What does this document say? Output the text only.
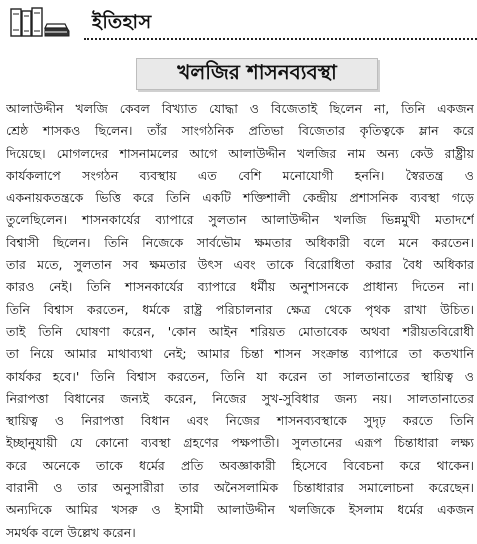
ইতিহাস
খলজির শাসনব্যবস্থা
আলাউদ্দীন খলজি কেবল বিখ্যাত যোদ্ধা ও বিজেতাই ছিলেন না, তিনি একজন
শ্রেষ্ঠ শাসকও ছিলেন। তাঁর সাংগঠনিক প্রতিভা বিজেতার কৃতিত্বকে ম্লান করে
দিয়েছে। মোগলদের শাসনামলের আগে আলাউদ্দীন খলজির নাম অন্য কেউ রাষ্ট্রীয়
কার্যকলাপে সংগঠন ব্যবস্থায় এত বেশি মনোযোগী হননি। স্বৈরতন্ত্র ও
একনায়কতন্ত্রকে ভিত্তি করে তিনি একটি শক্তিশালী কেন্দ্রীয় প্রশাসনিক ব্যবস্থা গড়ে
তুলেছিলেন। শাসনকার্যের ব্যাপারে সুলতান আলাউদ্দীন খলজি ভিন্নমুখী মতাদর্শে
বিশ্বাসী ছিলেন। তিনি নিজেকে সার্বভৌম ক্ষমতার অধিকারী বলে মনে করতেন।
তার মতে, সুলতান সব ক্ষমতার উৎস এবং তাকে বিরোধিতা করার বৈধ অধিকার
কারও নেই। তিনি শাসনকার্যের ব্যাপারে ধর্মীয় অনুশাসনকে প্রাধান্য দিতেন না।
তিনি বিশ্বাস করতেন, ধর্মকে রাষ্ট্র পরিচালনার ক্ষেত্র থেকে পৃথক রাখা উচিত।
তাই তিনি ঘোষণা করেন, 'কোন আইন শরিয়ত মোতাবেক অথবা শরীয়তবিরোধী
তা নিয়ে আমার মাথাব্যথা নেই; আমার চিন্তা শাসন সংক্রান্ত ব্যাপারে তা কতখানি
কার্যকর হবে।' তিনি বিশ্বাস করতেন, তিনি যা করেন তা সালতানাতের স্থায়িত্ব ও
নিরাপত্তা বিধানের জন্যই করেন, নিজের সুখ-সুবিধার জন্য নয়। সালতানাতের
স্থায়িত্ব ও নিরাপত্তা বিধান এবং নিজের শাসনব্যবস্থাকে সুদৃঢ় করতে তিনি
ইচ্ছানুযায়ী যে কোনো ব্যবস্থা গ্রহণের পক্ষপাতী। সুলতানের এরূপ চিন্তাধারা লক্ষ্য
করে অনেকে তাকে ধর্মের প্রতি অবজ্ঞাকারী হিসেবে বিবেচনা করে থাকেন।
বারানী ও তার অনুসারীরা তার অনৈসলামিক চিন্তাধারার সমালোচনা করেছেন।
অন্যদিকে আমির খসরু ও ইসামী আলাউদ্দীন খলজিকে ইসলাম ধর্মের একজন
সমর্থক বলে উল্লেখ করেন।
